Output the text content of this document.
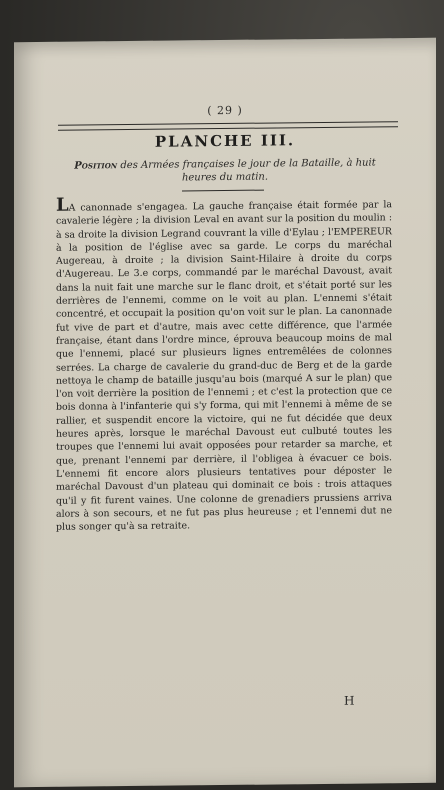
( 29 )
PLANCHE III.
Position des Armées françaises le jour de la Bataille, à huit heures du matin.
LA canonnade s'engagea. La gauche française était formée par la cavalerie légère ; la division Leval en avant sur la position du moulin : à sa droite la division Legrand couvrant la ville d'Eylau ; l'EMPEREUR à la position de l'église avec sa garde. Le corps du maréchal Augereau, à droite ; la division Saint-Hilaire à droite du corps d'Augereau. Le 3.e corps, commandé par le maréchal Davoust, avait dans la nuit fait une marche sur le flanc droit, et s'était porté sur les derrières de l'ennemi, comme on le voit au plan. L'ennemi s'était concentré, et occupait la position qu'on voit sur le plan. La canonnade fut vive de part et d'autre, mais avec cette différence, que l'armée française, étant dans l'ordre mince, éprouva beaucoup moins de mal que l'ennemi, placé sur plusieurs lignes entremêlées de colonnes serrées. La charge de cavalerie du grand-duc de Berg et de la garde nettoya le champ de bataille jusqu'au bois (marqué A sur le plan) que l'on voit derrière la position de l'ennemi ; et c'est la protection que ce bois donna à l'infanterie qui s'y forma, qui mit l'ennemi à même de se rallier, et suspendit encore la victoire, qui ne fut décidée que deux heures après, lorsque le maréchal Davoust eut culbuté toutes les troupes que l'ennemi lui avait opposées pour retarder sa marche, et que, prenant l'ennemi par derrière, il l'obligea à évacuer ce bois. L'ennemi fit encore alors plusieurs tentatives pour déposter le maréchal Davoust d'un plateau qui dominait ce bois : trois attaques qu'il y fit furent vaines. Une colonne de grenadiers prussiens arriva alors à son secours, et ne fut pas plus heureuse ; et l'ennemi dut ne plus songer qu'à sa retraite.
H
